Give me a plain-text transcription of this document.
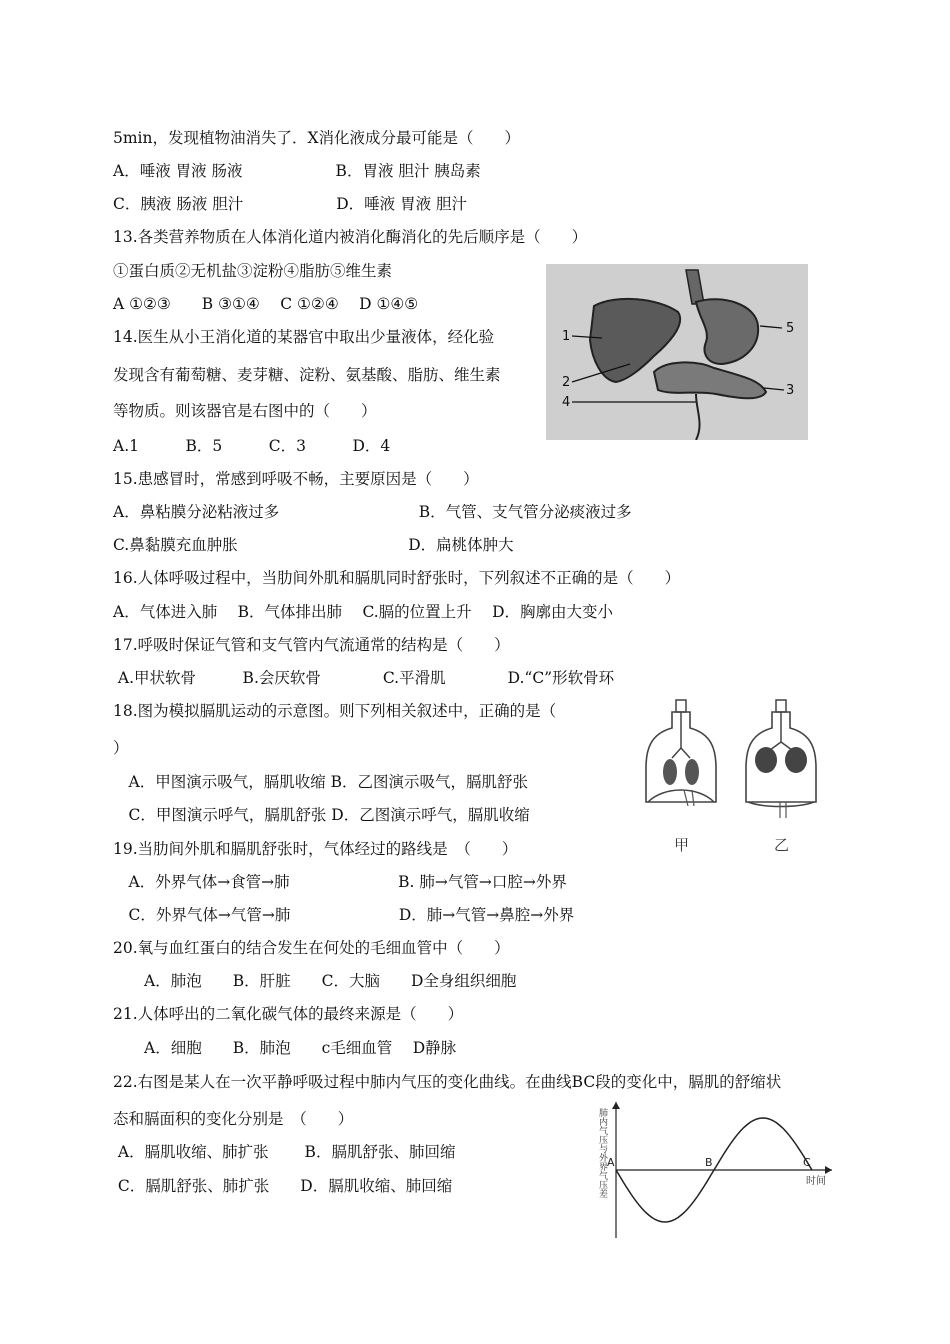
5min，发现植物油消失了．X消化液成分最可能是（　　）
A．唾液 胃液 肠液　　　　　　B．胃液 胆汁 胰岛素
C．胰液 肠液 胆汁　　　　　　D．唾液 胃液 胆汁
13.各类营养物质在人体消化道内被消化酶消化的先后顺序是（　　）
①蛋白质②无机盐③淀粉④脂肪⑤维生素
A ①②③　　B ③①④　 C ①②④　 D ①④⑤
14.医生从小王消化道的某器官中取出少量液体，经化验
发现含有葡萄糖、麦芽糖、淀粉、氨基酸、脂肪、维生素
等物质。则该器官是右图中的（　　）
A.1　　　B．5　　　C．3　　　D．4
15.患感冒时，常感到呼吸不畅，主要原因是（　　）
A．鼻粘膜分泌粘液过多　　　　　　　　　B．气管、支气管分泌痰液过多
C.鼻黏膜充血肿胀　　　　　　　　　　　D．扁桃体肿大
16.人体呼吸过程中，当肋间外肌和膈肌同时舒张时，下列叙述不正确的是（　　）
A．气体进入肺　 B．气体排出肺　 C.膈的位置上升　 D．胸廓由大变小
17.呼吸时保证气管和支气管内气流通常的结构是（　　）
A.甲状软骨　　　B.会厌软骨　　　　C.平滑肌　　　　D.“C”形软骨环
18.图为模拟膈肌运动的示意图。则下列相关叙述中，正确的是（
）
　A．甲图演示吸气，膈肌收缩 B．乙图演示吸气，膈肌舒张
　C．甲图演示呼气，膈肌舒张 D．乙图演示呼气，膈肌收缩
19.当肋间外肌和膈肌舒张时，气体经过的路线是　（　　）
　A．外界气体→食管→肺　　　　　　　B. 肺→气管→口腔→外界
　C．外界气体→气管→肺　　　　　　　D．肺→气管→鼻腔→外界
20.氧与血红蛋白的结合发生在何处的毛细血管中（　　）
　　A．肺泡　　B．肝脏　　C．大脑　　D全身组织细胞
21.人体呼出的二氧化碳气体的最终来源是（　　）
　　A．细胞　　B．肺泡　　c毛细血管　 D静脉
22.右图是某人在一次平静呼吸过程中肺内气压的变化曲线。在曲线BC段的变化中，膈肌的舒缩状
态和膈面积的变化分别是　（　　）
A．膈肌收缩、肺扩张　　 B．膈肌舒张、肺回缩
C．膈肌舒张、肺扩张　　D．膈肌收缩、肺回缩
1
2
4
5
3
甲	乙
肺内气压与外界气压差 A	B	C
时间
